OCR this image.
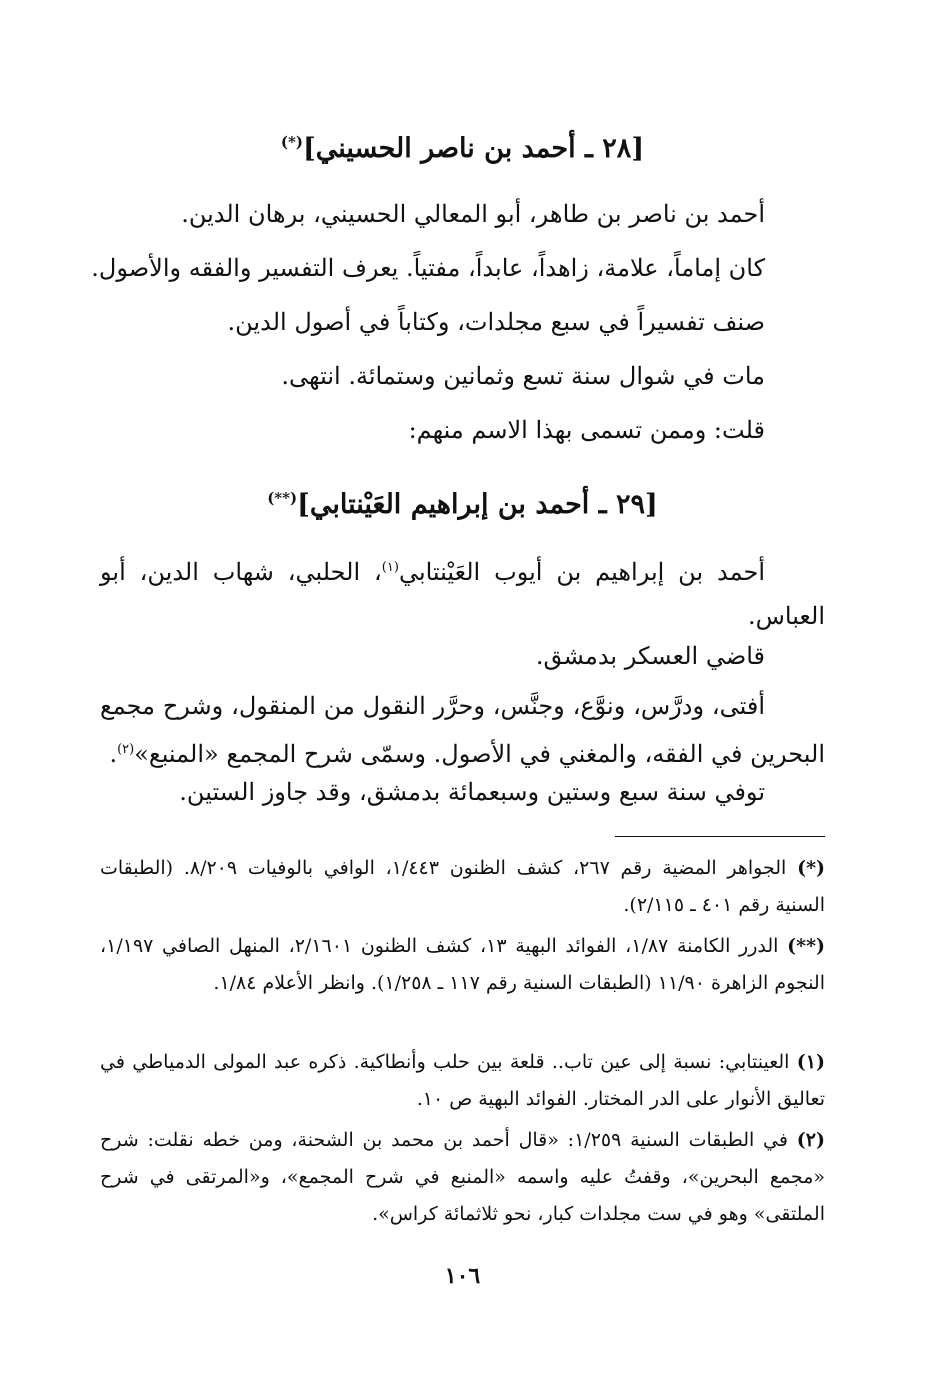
[٢٨ ـ أحمد بن ناصر الحسيني](*)
أحمد بن ناصر بن طاهر، أبو المعالي الحسيني، برهان الدين.
كان إماماً، علامة، زاهداً، عابداً، مفتياً. يعرف التفسير والفقه والأصول.
صنف تفسيراً في سبع مجلدات، وكتاباً في أصول الدين.
مات في شوال سنة تسع وثمانين وستمائة. انتهى.
قلت: وممن تسمى بهذا الاسم منهم:
[٢٩ ـ أحمد بن إبراهيم العَيْنتابي](**)
أحمد بن إبراهيم بن أيوب العَيْنتابي$^{(١)}$، الحلبي، شهاب الدين، أبو العباس.
قاضي العسكر بدمشق.
أفتى، ودرَّس، ونوَّع، وجنَّس، وحرَّر النقول من المنقول، وشرح مجمع البحرين في الفقه، والمغني في الأصول. وسمّى شرح المجمع «المنبع»$^{(٢)}$.
توفي سنة سبع وستين وسبعمائة بدمشق، وقد جاوز الستين.
(*) الجواهر المضية رقم ٢٦٧، كشف الظنون ١/٤٤٣، الوافي بالوفيات ٨/٢٠٩. (الطبقات السنية رقم ٤٠١ ـ ٢/١١٥).
(**) الدرر الكامنة ١/٨٧، الفوائد البهية ١٣، كشف الظنون ٢/١٦٠١، المنهل الصافي ١/١٩٧، النجوم الزاهرة ١١/٩٠ (الطبقات السنية رقم ١١٧ ـ ١/٢٥٨). وانظر الأعلام ١/٨٤.
(١) العينتابي: نسبة إلى عين تاب.. قلعة بين حلب وأنطاكية. ذكره عبد المولى الدمياطي في تعاليق الأنوار على الدر المختار. الفوائد البهية ص ١٠.
(٢) في الطبقات السنية ١/٢٥٩: «قال أحمد بن محمد بن الشحنة، ومن خطه نقلت: شرح «مجمع البحرين»، وقفتُ عليه واسمه «المنبع في شرح المجمع»، و«المرتقى في شرح الملتقى» وهو في ست مجلدات كبار، نحو ثلاثمائة كراس».
١٠٦
